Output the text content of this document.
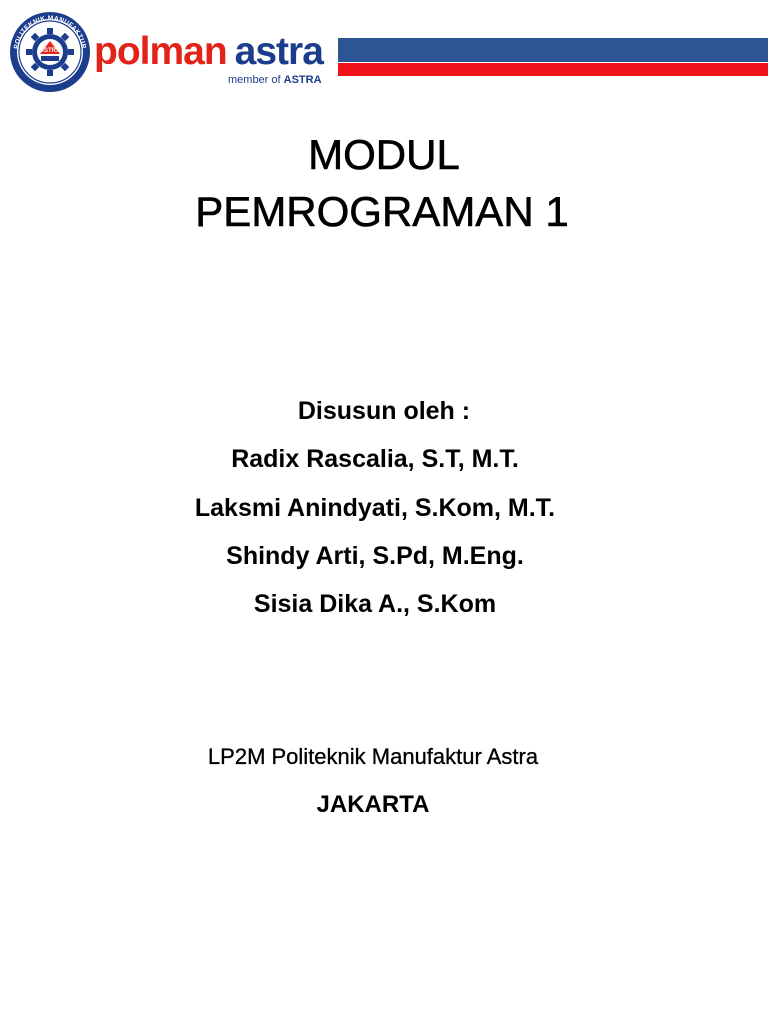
POLITEKNIK MANUFAKTUR
ASTRA polman astra
member of ASTRA
MODUL
PEMROGRAMAN 1
Disusun oleh :
Radix Rascalia, S.T, M.T.
Laksmi Anindyati, S.Kom, M.T.
Shindy Arti, S.Pd, M.Eng.
Sisia Dika A., S.Kom
LP2M Politeknik Manufaktur Astra
JAKARTA
